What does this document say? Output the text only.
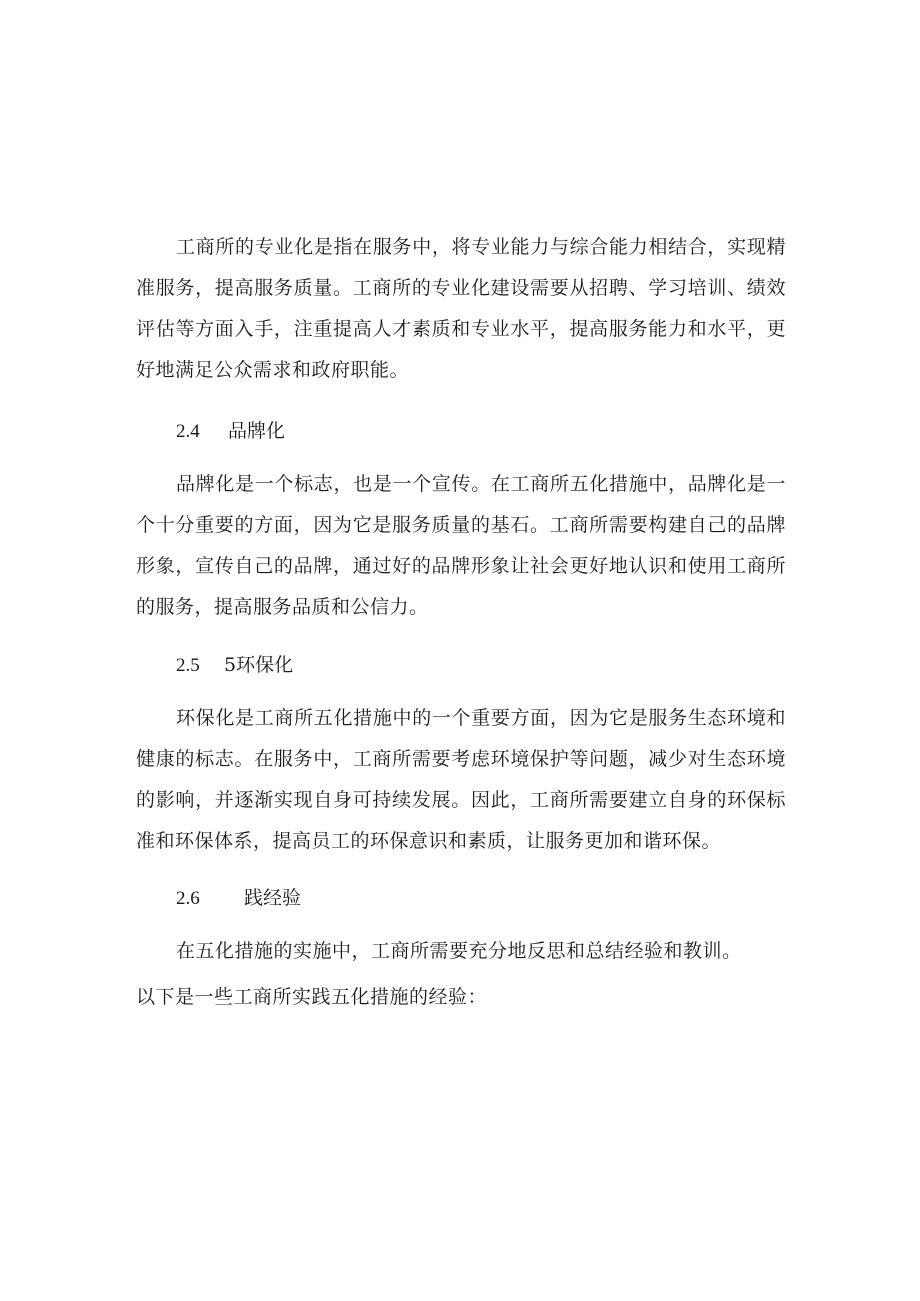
工商所的专业化是指在服务中，将专业能力与综合能力相结合，实现精准服务，提高服务质量。工商所的专业化建设需要从招聘、学习培训、绩效评估等方面入手，注重提高人才素质和专业水平，提高服务能力和水平，更好地满足公众需求和政府职能。

2.4 品牌化

品牌化是一个标志，也是一个宣传。在工商所五化措施中，品牌化是一个十分重要的方面，因为它是服务质量的基石。工商所需要构建自己的品牌形象，宣传自己的品牌，通过好的品牌形象让社会更好地认识和使用工商所的服务，提高服务品质和公信力。

2.5 5环保化

环保化是工商所五化措施中的一个重要方面，因为它是服务生态环境和健康的标志。在服务中，工商所需要考虑环境保护等问题，减少对生态环境的影响，并逐渐实现自身可持续发展。因此，工商所需要建立自身的环保标准和环保体系，提高员工的环保意识和素质，让服务更加和谐环保。

2.6 践经验

在五化措施的实施中，工商所需要充分地反思和总结经验和教训。

以下是一些工商所实践五化措施的经验：
